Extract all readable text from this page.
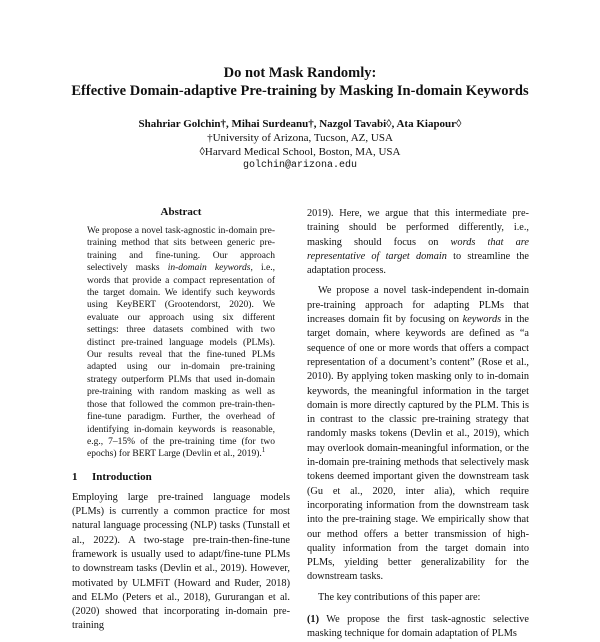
Do not Mask Randomly:

Effective Domain-adaptive Pre-training by Masking In-domain Keywords

Shahriar Golchin†, Mihai Surdeanu†, Nazgol Tavabi◊, Ata Kiapour◊
†University of Arizona, Tucson, AZ, USA
◊Harvard Medical School, Boston, MA, USA
golchin@arizona.edu

Abstract

We propose a novel task-agnostic in-domain pre-training method that sits between generic pre-training and fine-tuning. Our approach selectively masks in-domain keywords, i.e., words that provide a compact representation of the target domain. We identify such keywords using KeyBERT (Grootendorst, 2020). We evaluate our approach using six different settings: three datasets combined with two distinct pre-trained language models (PLMs). Our results reveal that the fine-tuned PLMs adapted using our in-domain pre-training strategy outperform PLMs that used in-domain pre-training with random masking as well as those that followed the common pre-train-then-fine-tune paradigm. Further, the overhead of identifying in-domain keywords is reasonable, e.g., 7–15% of the pre-training time (for two epochs) for BERT Large (Devlin et al., 2019).$^1$

1 Introduction

Employing large pre-trained language models (PLMs) is currently a common practice for most natural language processing (NLP) tasks (Tunstall et al., 2022). A two-stage pre-train-then-fine-tune framework is usually used to adapt/fine-tune PLMs to downstream tasks (Devlin et al., 2019). However, motivated by ULMFiT (Howard and Ruder, 2018) and ELMo (Peters et al., 2018), Gururangan et al. (2020) showed that incorporating in-domain pre-training

2019). Here, we argue that this intermediate pre-training should be performed differently, i.e., masking should focus on words that are representative of target domain to streamline the adaptation process.

We propose a novel task-independent in-domain pre-training approach for adapting PLMs that increases domain fit by focusing on keywords in the target domain, where keywords are defined as “a sequence of one or more words that offers a compact representation of a document’s content” (Rose et al., 2010). By applying token masking only to in-domain keywords, the meaningful information in the target domain is more directly captured by the PLM. This is in contrast to the classic pre-training strategy that randomly masks tokens (Devlin et al., 2019), which may overlook domain-meaningful information, or the in-domain pre-training methods that selectively mask tokens deemed important given the downstream task (Gu et al., 2020, inter alia), which require incorporating information from the downstream task into the pre-training stage. We empirically show that our method offers a better transmission of high-quality information from the target domain into PLMs, yielding better generalizability for the downstream tasks.

The key contributions of this paper are:

(1) We propose the first task-agnostic selective masking technique for domain adaptation of PLMs
